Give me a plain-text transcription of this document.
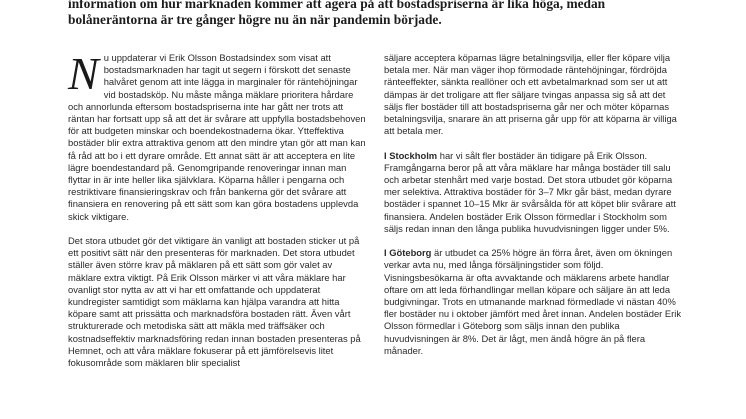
information om hur marknaden kommer att agera på att bostadspriserna är lika höga, medan bolåneräntorna är tre gånger högre nu än när pandemin började.

Nu uppdaterar vi Erik Olsson Bostadsindex som visat att bostadsmarknaden har tagit ut segern i förskott det senaste halvåret genom att inte lägga in marginaler för räntehöjningar vid bostadsköp. Nu måste många mäklare prioritera hårdare och annorlunda eftersom bostadspriserna inte har gått ner trots att räntan har fortsatt upp så att det är svårare att uppfylla bostadsbehoven för att budgeten minskar och boendekostnaderna ökar. Ytteffektiva bostäder blir extra attraktiva genom att den mindre ytan gör att man kan få råd att bo i ett dyrare område. Ett annat sätt är att acceptera en lite lägre boendestandard på. Genomgripande renoveringar innan man flyttar in är inte heller lika självklara. Köparna håller i pengarna och restriktivare finansieringskrav och från bankerna gör det svårare att finansiera en renovering på ett sätt som kan göra bostadens upplevda skick viktigare.

Det stora utbudet gör det viktigare än vanligt att bostaden sticker ut på ett positivt sätt när den presenteras för marknaden. Det stora utbudet ställer även större krav på mäklaren på ett sätt som gör valet av mäklare extra viktigt. På Erik Olsson märker vi att våra mäklare har ovanligt stor nytta av att vi har ett omfattande och uppdaterat kundregister samtidigt som mäklarna kan hjälpa varandra att hitta köpare samt att prissätta och marknadsföra bostaden rätt. Även vårt strukturerade och metodiska sätt att mäkla med träffsäker och kostnadseffektiv marknadsföring redan innan bostaden presenteras på Hemnet, och att våra mäklare fokuserar på ett jämförelsevis litet fokusområde som mäklaren blir specialist

säljare acceptera köparnas lägre betalningsvilja, eller fler köpare vilja betala mer. När man väger ihop förmodade räntehöjningar, fördröjda ränteeffekter, sänkta reallöner och ett avbetalmarknad som ser ut att dämpas är det troligare att fler säljare tvingas anpassa sig så att det säljs fler bostäder till att bostadspriserna går ner och möter köparnas betalningsvilja, snarare än att priserna går upp för att köparna är villiga att betala mer.

I Stockholm har vi sålt fler bostäder än tidigare på Erik Olsson. Framgångarna beror på att våra mäklare har många bostäder till salu och arbetar stenhårt med varje bostad. Det stora utbudet gör köparna mer selektiva. Attraktiva bostäder för 3–7 Mkr går bäst, medan dyrare bostäder i spannet 10–15 Mkr är svårsålda för att köpet blir svårare att finansiera. Andelen bostäder Erik Olsson förmedlar i Stockholm som säljs redan innan den långa publika huvudvisningen ligger under 5%.

I Göteborg är utbudet ca 25% högre än förra året, även om ökningen verkar avta nu, med långa försäljningstider som följd. Visningsbesökarna är ofta avvaktande och mäklarens arbete handlar oftare om att leda förhandlingar mellan köpare och säljare än att leda budgivningar. Trots en utmanande marknad förmedlade vi nästan 40% fler bostäder nu i oktober jämfört med året innan. Andelen bostäder Erik Olsson förmedlar i Göteborg som säljs innan den publika huvudvisningen är 8%. Det är lågt, men ändå högre än på flera månader.
